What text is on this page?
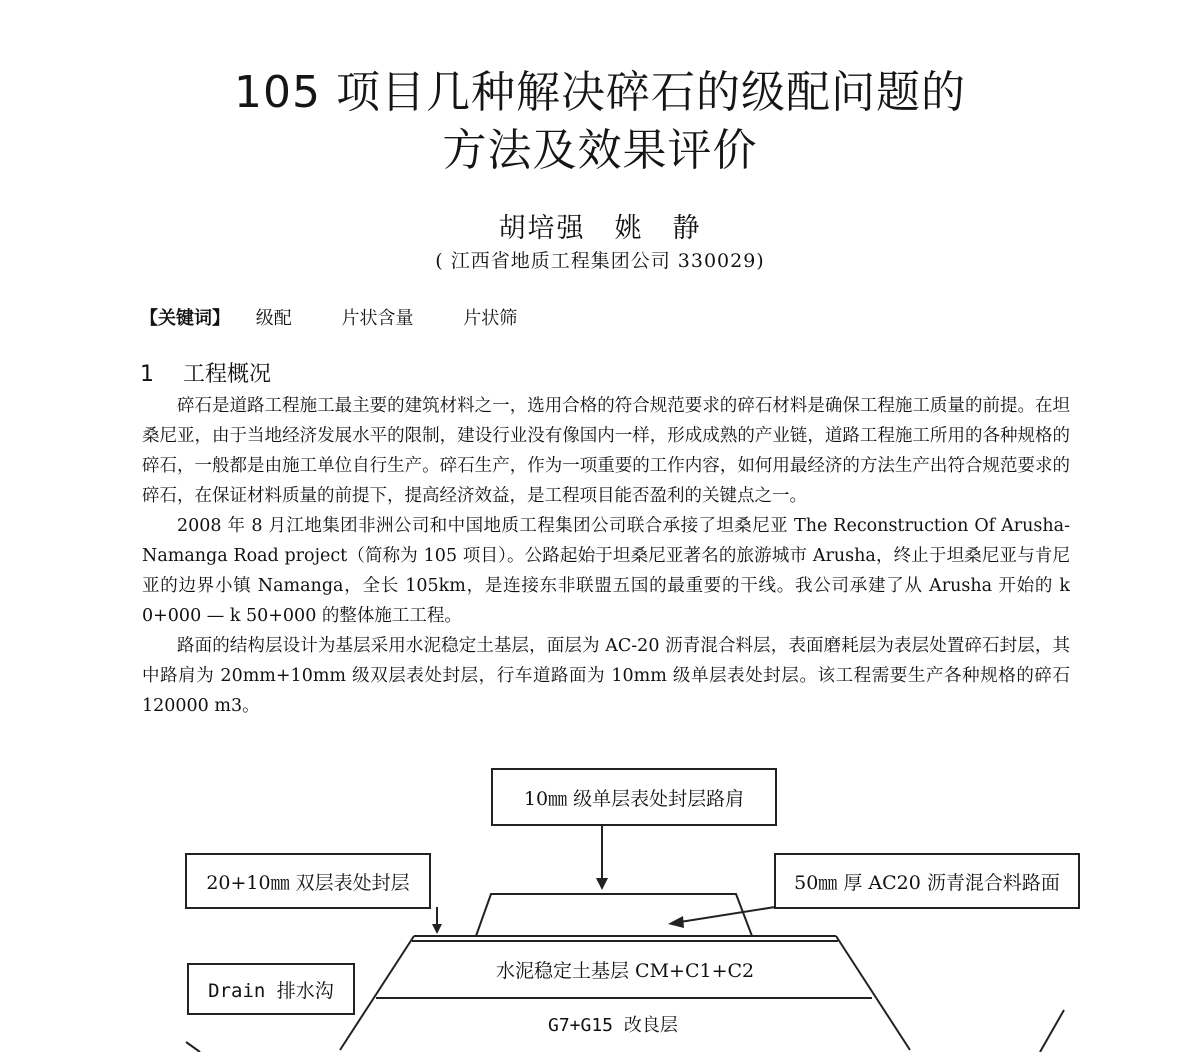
105 项目几种解决碎石的级配问题的
方法及效果评价
胡培强　姚　静
( 江西省地质工程集团公司 330029)
【关键词】 级配	片状含量	片状筛
1 工程概况

碎石是道路工程施工最主要的建筑材料之一，选用合格的符合规范要求的碎石材料是确保工程施工质量的前提。在坦桑尼亚，由于当地经济发展水平的限制，建设行业没有像国内一样，形成成熟的产业链，道路工程施工所用的各种规格的碎石，一般都是由施工单位自行生产。碎石生产，作为一项重要的工作内容，如何用最经济的方法生产出符合规范要求的碎石，在保证材料质量的前提下，提高经济效益，是工程项目能否盈利的关键点之一。

2008 年 8 月江地集团非洲公司和中国地质工程集团公司联合承接了坦桑尼亚 The Reconstruction Of Arusha-Namanga Road project（简称为 105 项目）。公路起始于坦桑尼亚著名的旅游城市 Arusha，终止于坦桑尼亚与肯尼亚的边界小镇 Namanga，全长 105km，是连接东非联盟五国的最重要的干线。我公司承建了从 Arusha 开始的 k 0+000 — k 50+000 的整体施工工程。

路面的结构层设计为基层采用水泥稳定土基层，面层为 AC-20 沥青混合料层，表面磨耗层为表层处置碎石封层，其中路肩为 20mm+10mm 级双层表处封层，行车道路面为 10mm 级单层表处封层。该工程需要生产各种规格的碎石 120000 m3。

10㎜ 级单层表处封层路肩
20+10㎜ 双层表处封层	50㎜ 厚 AC20 沥青混合料路面
Drain 排水沟
水泥稳定土基层 CM+C1+C2
G7+G15 改良层
